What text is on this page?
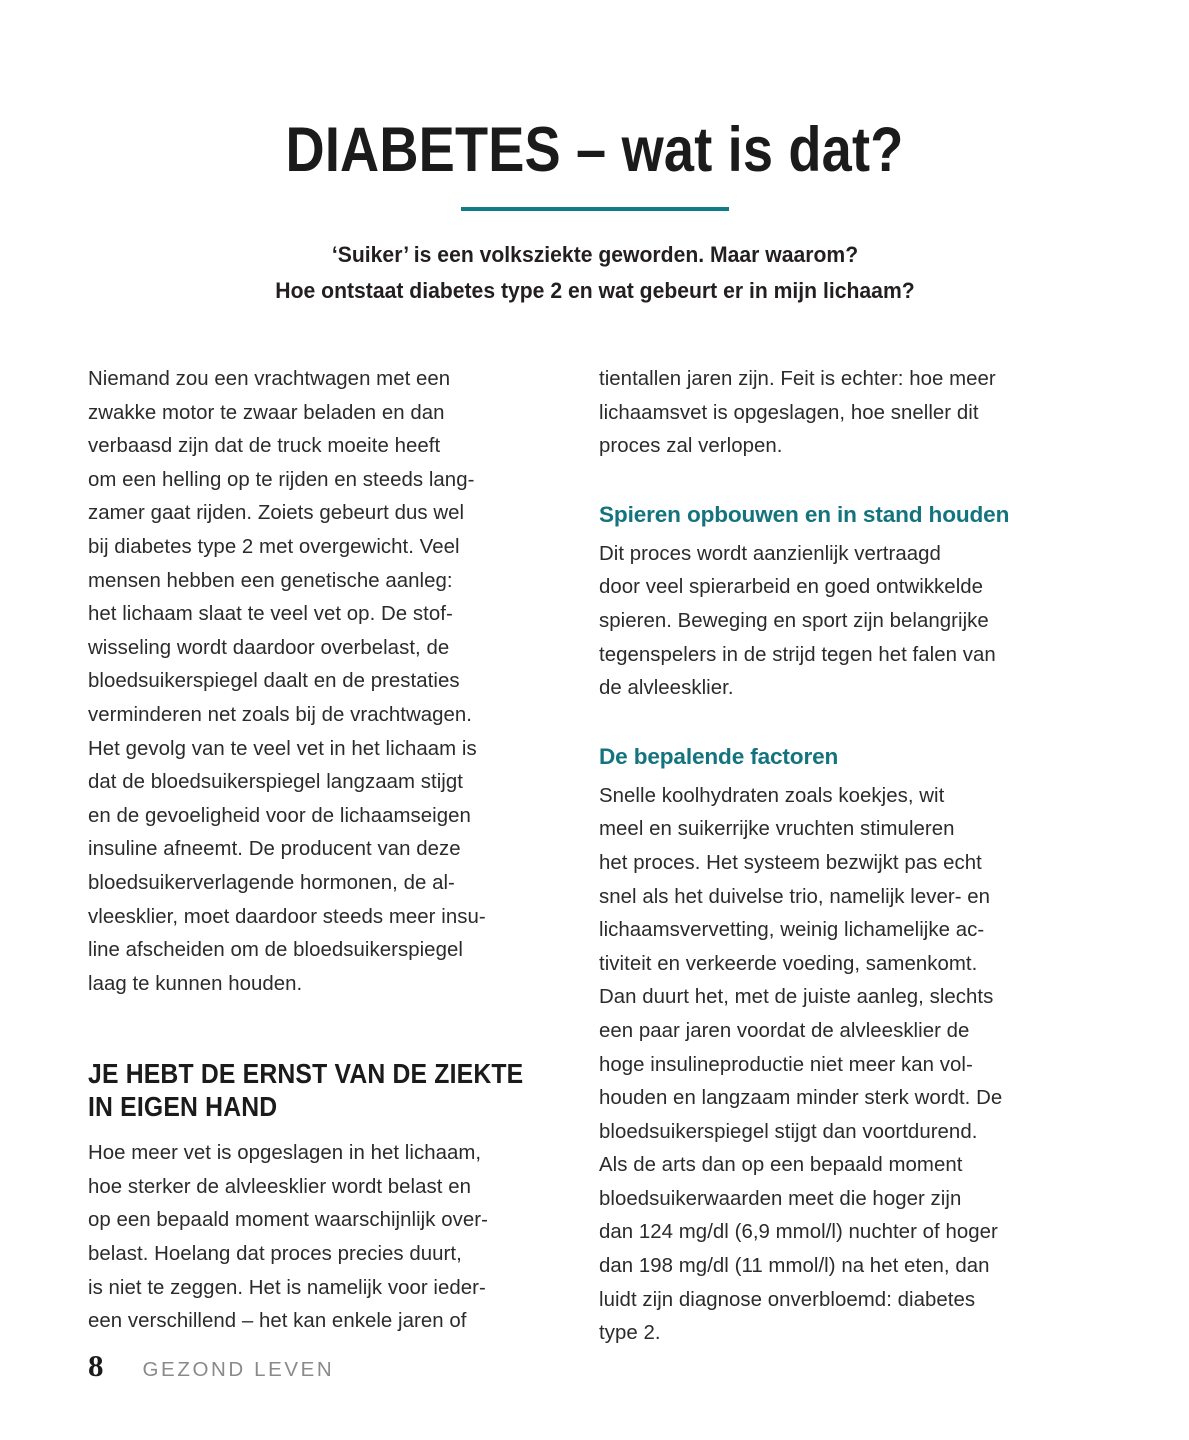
DIABETES – wat is dat?
‘Suiker’ is een volksziekte geworden. Maar waarom?
Hoe ontstaat diabetes type 2 en wat gebeurt er in mijn lichaam?

Niemand zou een vrachtwagen met een
zwakke motor te zwaar beladen en dan
verbaasd zijn dat de truck moeite heeft
om een helling op te rijden en steeds lang-
zamer gaat rijden. Zoiets gebeurt dus wel
bij diabetes type 2 met overgewicht. Veel
mensen hebben een genetische aanleg:
het lichaam slaat te veel vet op. De stof-
wisseling wordt daardoor overbelast, de
bloedsuikerspiegel daalt en de prestaties
verminderen net zoals bij de vrachtwagen.
Het gevolg van te veel vet in het lichaam is
dat de bloedsuikerspiegel langzaam stijgt
en de gevoeligheid voor de lichaamseigen
insuline afneemt. De producent van deze
bloedsuikerverlagende hormonen, de al-
vleesklier, moet daardoor steeds meer insu-
line afscheiden om de bloedsuikerspiegel
laag te kunnen houden.

JE HEBT DE ERNST VAN DE ZIEKTE
IN EIGEN HAND

Hoe meer vet is opgeslagen in het lichaam,
hoe sterker de alvleesklier wordt belast en
op een bepaald moment waarschijnlijk over-
belast. Hoelang dat proces precies duurt,
is niet te zeggen. Het is namelijk voor ieder-
een verschillend – het kan enkele jaren of

tientallen jaren zijn. Feit is echter: hoe meer
lichaamsvet is opgeslagen, hoe sneller dit
proces zal verlopen.

Spieren opbouwen en in stand houden

Dit proces wordt aanzienlijk vertraagd
door veel spierarbeid en goed ontwikkelde
spieren. Beweging en sport zijn belangrijke
tegenspelers in de strijd tegen het falen van
de alvleesklier.

De bepalende factoren

Snelle koolhydraten zoals koekjes, wit
meel en suikerrijke vruchten stimuleren
het proces. Het systeem bezwijkt pas echt
snel als het duivelse trio, namelijk lever- en
lichaamsvervetting, weinig lichamelijke ac-
tiviteit en verkeerde voeding, samenkomt.
Dan duurt het, met de juiste aanleg, slechts
een paar jaren voordat de alvleesklier de
hoge insulineproductie niet meer kan vol-
houden en langzaam minder sterk wordt. De
bloedsuikerspiegel stijgt dan voortdurend.
Als de arts dan op een bepaald moment
bloedsuikerwaarden meet die hoger zijn
dan 124 mg/dl (6,9 mmol/l) nuchter of hoger
dan 198 mg/dl (11 mmol/l) na het eten, dan
luidt zijn diagnose onverbloemd: diabetes
type 2.

8 GEZOND LEVEN
